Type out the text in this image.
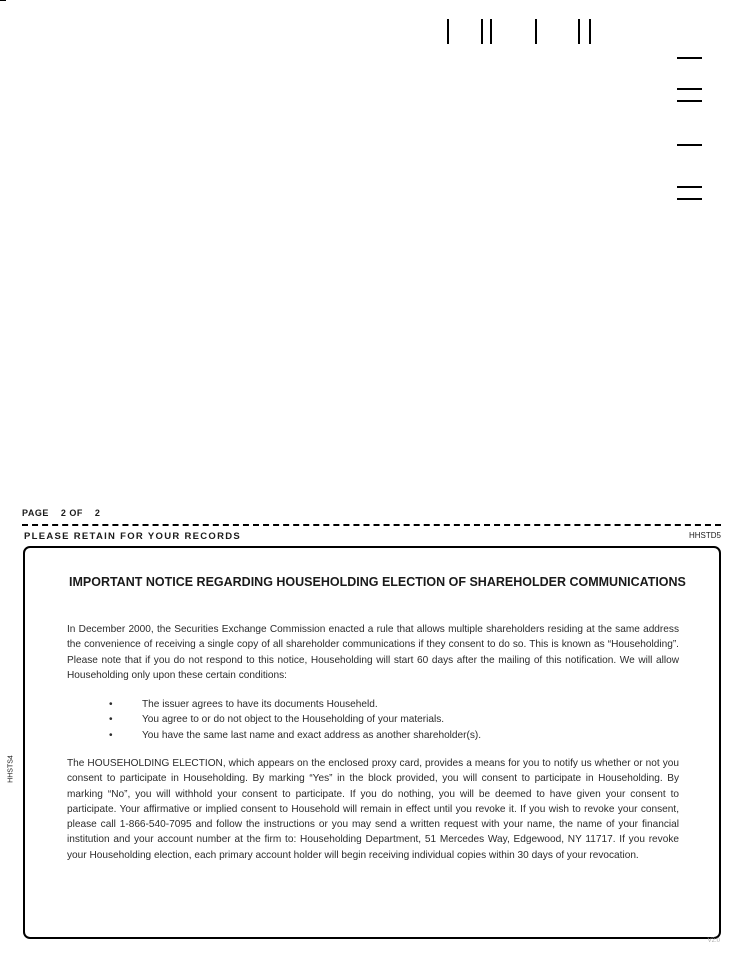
PAGE 2 OF 2
PLEASE RETAIN FOR YOUR RECORDS	HHSTD5
IMPORTANT NOTICE REGARDING HOUSEHOLDING ELECTION OF SHAREHOLDER COMMUNICATIONS
In December 2000, the Securities Exchange Commission enacted a rule that allows multiple shareholders residing at the same address the convenience of receiving a single copy of all shareholder communications if they consent to do so. This is known as “Householding”. Please note that if you do not respond to this notice, Householding will start 60 days after the mailing of this notification. We will allow Householding only upon these certain conditions:
•	The issuer agrees to have its documents Househeld.
•	You agree to or do not object to the Householding of your materials.
•	You have the same last name and exact address as another shareholder(s).
The HOUSEHOLDING ELECTION, which appears on the enclosed proxy card, provides a means for you to notify us whether or not you consent to participate in Householding. By marking “Yes” in the block provided, you will consent to participate in Householding. By marking “No”, you will withhold your consent to participate. If you do nothing, you will be deemed to have given your consent to participate. Your affirmative or implied consent to Household will remain in effect until you revoke it. If you wish to revoke your consent, please call 1-866-540-7095 and follow the instructions or you may send a written request with your name, the name of your financial institution and your account number at the firm to: Householding Department, 51 Mercedes Way, Edgewood, NY 11717. If you revoke your Householding election, each primary account holder will begin receiving individual copies within 30 days of your revocation.
HHSTS4
V2.0
